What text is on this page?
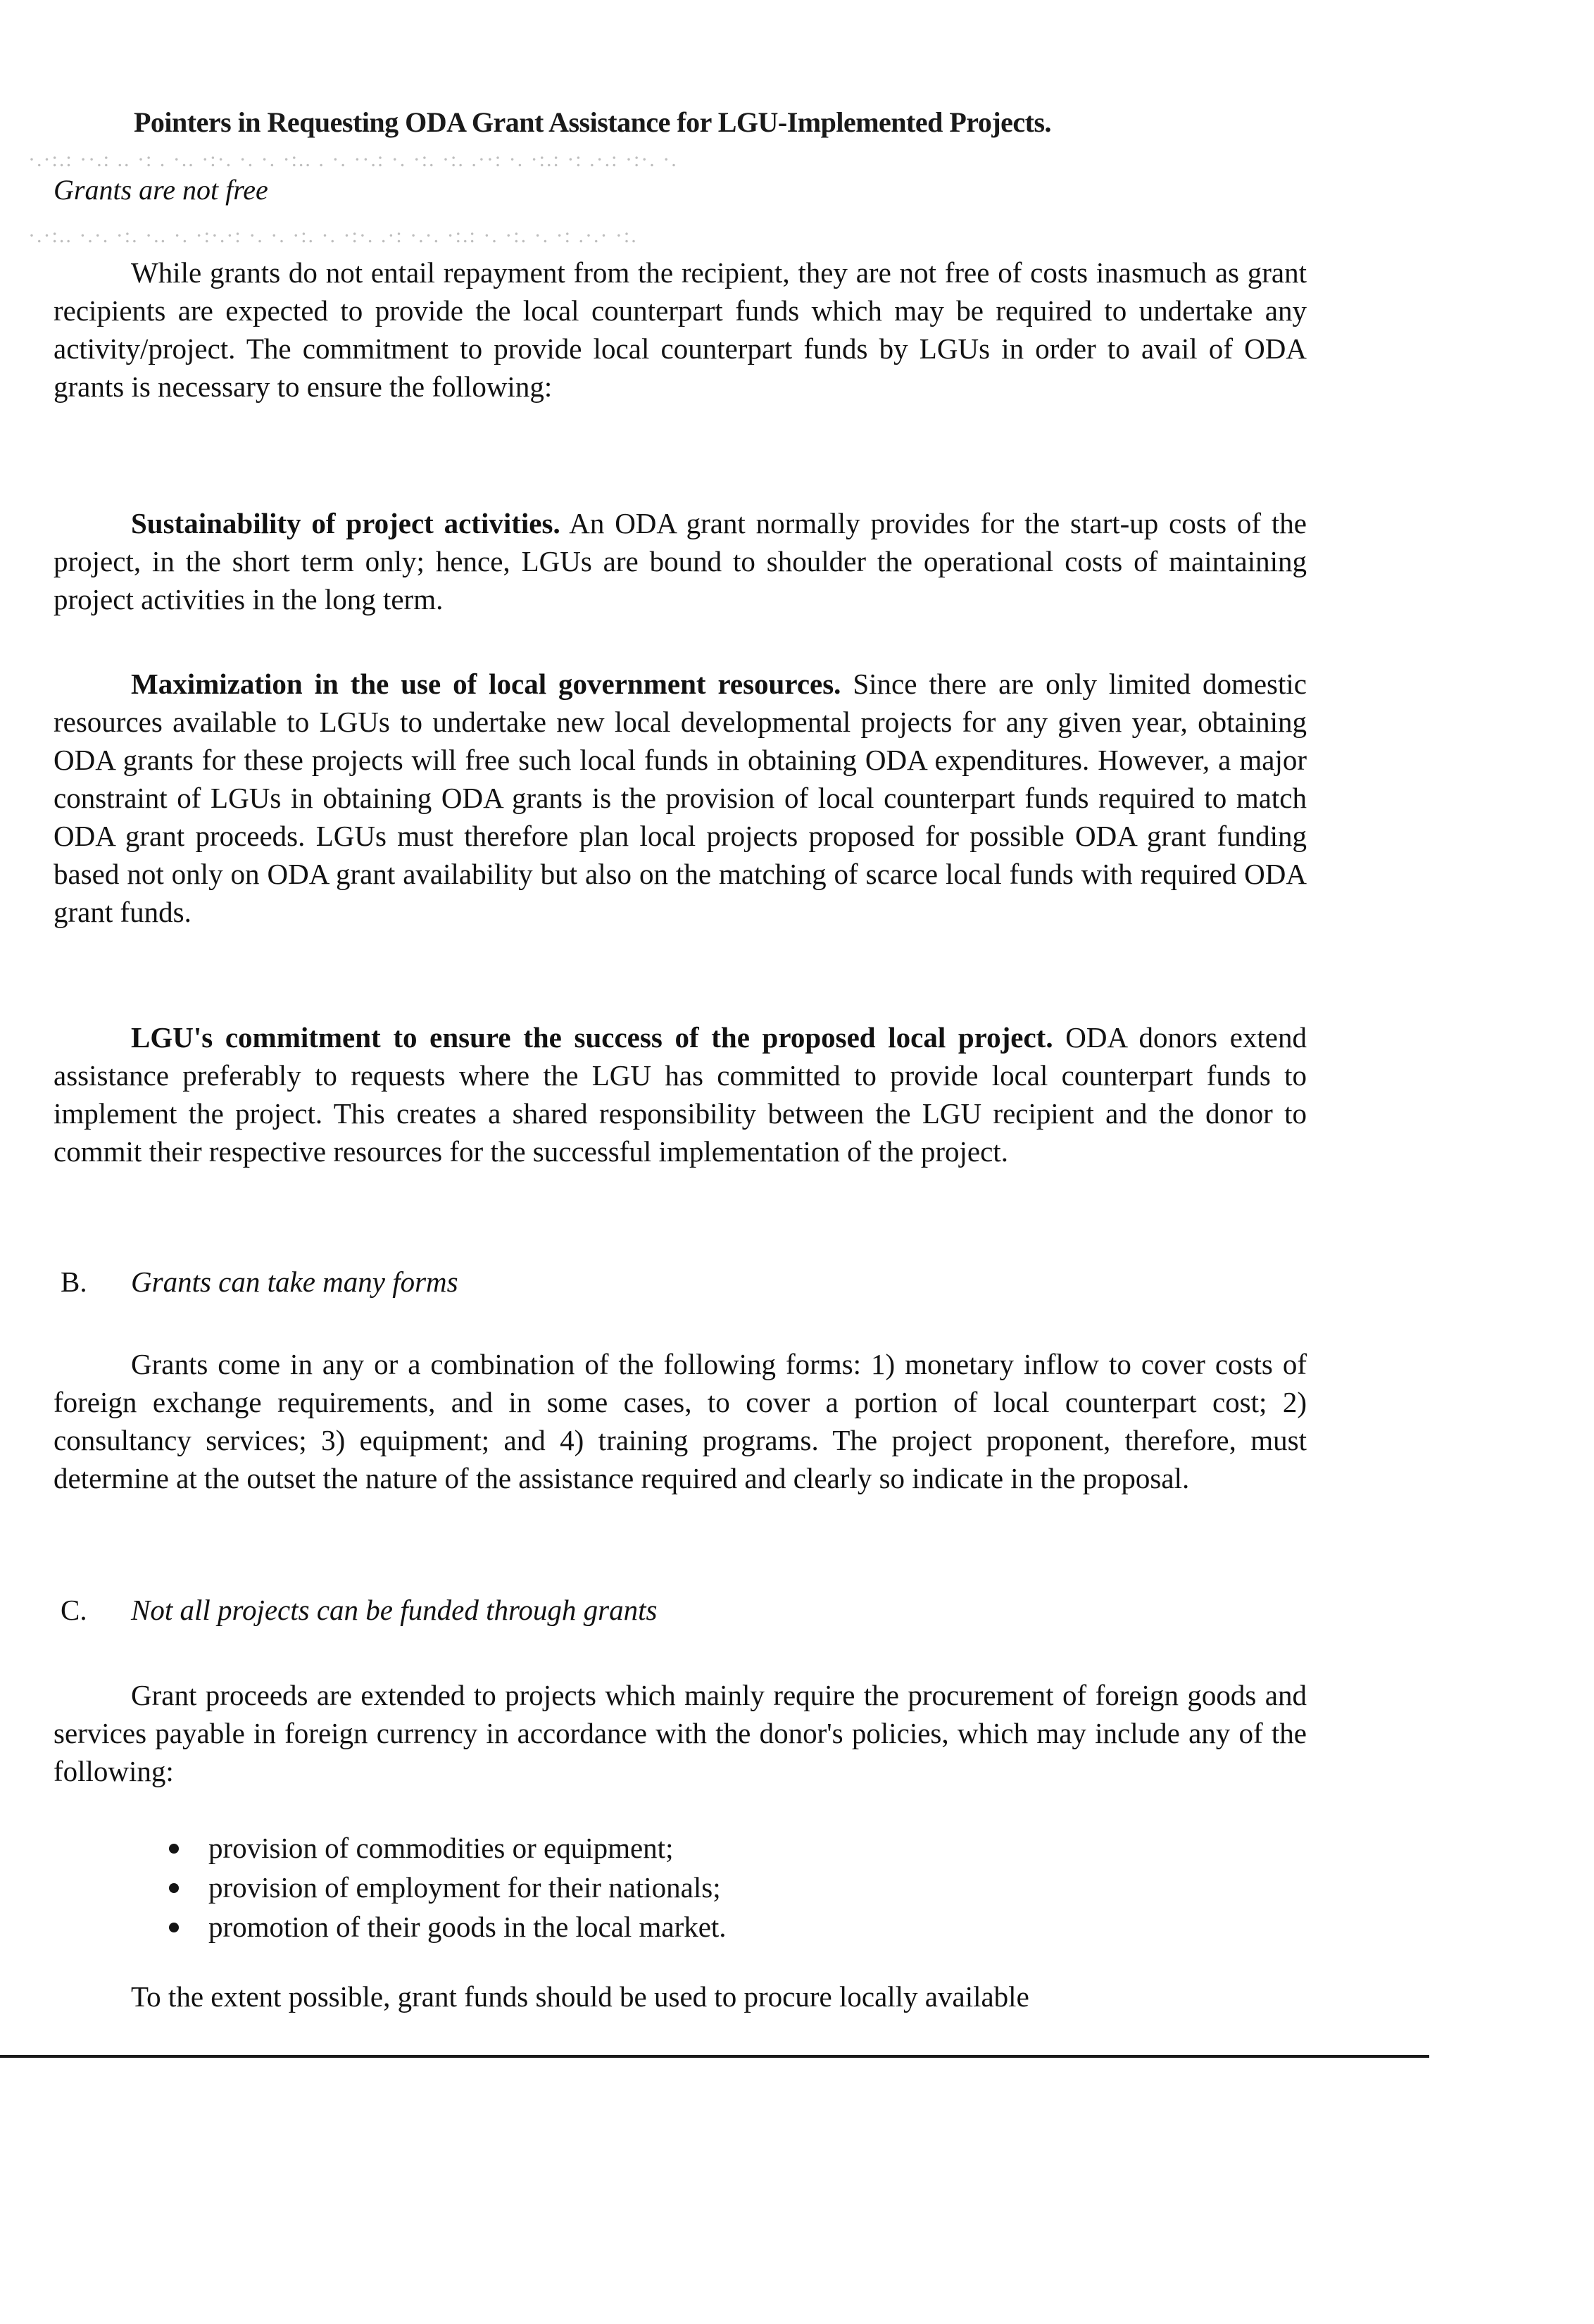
Pointers in Requesting ODA Grant Assistance for LGU-Implemented Projects.
·.·:.: ··.: .. ·: . ·.. ·:·. ·. ·. ·:.. . ·. ··.: ·. ·:. ·:. .··: ·. ·:.: ·: .·.: ·:·. ·.
Grants are not free
·.·:.. ·.·. ·:. ·.. ·. ·:·.·: ·. ·. ·:. ·. ·:·. .·: ·.·. ·:.: ·. ·:. ·. ·: .·.· ·:.
While grants do not entail repayment from the recipient, they are not free of costs inasmuch as grant recipients are expected to provide the local counterpart funds which may be required to undertake any activity/project. The commitment to provide local counterpart funds by LGUs in order to avail of ODA grants is necessary to ensure the following:
Sustainability of project activities. An ODA grant normally provides for the start-up costs of the project, in the short term only; hence, LGUs are bound to shoulder the operational costs of maintaining project activities in the long term.
Maximization in the use of local government resources. Since there are only limited domestic resources available to LGUs to undertake new local developmental projects for any given year, obtaining ODA grants for these projects will free such local funds in obtaining ODA expenditures. However, a major constraint of LGUs in obtaining ODA grants is the provision of local counterpart funds required to match ODA grant proceeds. LGUs must therefore plan local projects proposed for possible ODA grant funding based not only on ODA grant availability but also on the matching of scarce local funds with required ODA grant funds.
LGU's commitment to ensure the success of the proposed local project. ODA donors extend assistance preferably to requests where the LGU has committed to provide local counterpart funds to implement the project. This creates a shared responsibility between the LGU recipient and the donor to commit their respective resources for the successful implementation of the project.
B. Grants can take many forms
Grants come in any or a combination of the following forms: 1) monetary inflow to cover costs of foreign exchange requirements, and in some cases, to cover a portion of local counterpart cost; 2) consultancy services; 3) equipment; and 4) training programs. The project proponent, therefore, must determine at the outset the nature of the assistance required and clearly so indicate in the proposal.
C. Not all projects can be funded through grants
Grant proceeds are extended to projects which mainly require the procurement of foreign goods and services payable in foreign currency in accordance with the donor's policies, which may include any of the following:
provision of commodities or equipment;
provision of employment for their nationals;
promotion of their goods in the local market.
To the extent possible, grant funds should be used to procure locally available
